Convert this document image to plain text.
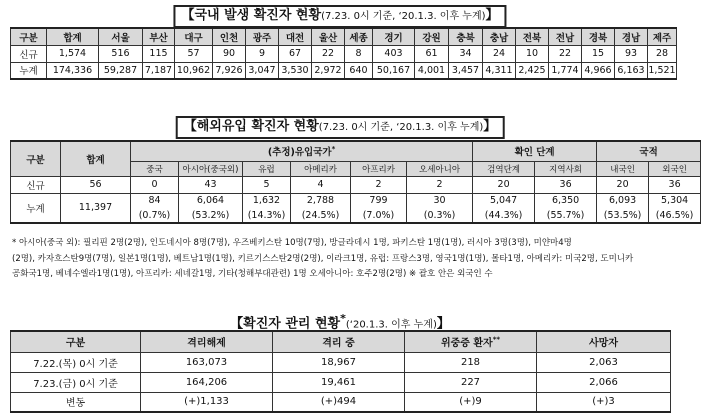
【국내 발생 확진자 현황(7.23. 0시 기준, ‘20.1.3. 이후 누계)】
구분	합계	서울	부산	대구	인천	광주	대전	울산	세종	경기	강원	충북	충남	전북	전남	경북	경남	제주
신규	1,574	516	115	57	90	9	67	22	8	403	61	34	24	10	22	15	93	28
누계	174,336	59,287	7,187	10,962	7,926	3,047	3,530	2,972	640	50,167	4,001	3,457	4,311	2,425	1,774	4,966	6,163	1,521
【해외유입 확진자 현황(7.23. 0시 기준, ‘20.1.3. 이후 누계)】
구분	합계	(추정)유입국가*						확인 단계		국적	
		중국	아시아(중국외)	유럽	아메리카	아프리카	오세아니아	검역단계	지역사회	내국인	외국인
신규	56	0	43	5	4	2	2	20	36	20	36
누계	11,397	84	6,064	1,632	2,788	799	30	5,047	6,350	6,093	5,304
		(0.7%)	(53.2%)	(14.3%)	(24.5%)	(7.0%)	(0.3%)	(44.3%)	(55.7%)	(53.5%)	(46.5%)

* 아시아(중국 외): 필리핀 2명(2명), 인도네시아 8명(7명), 우즈베키스탄 10명(7명), 방글라데시 1명, 파키스탄 1명(1명), 러시아 3명(3명), 미얀마4명

(2명), 카자흐스탄9명(7명), 일본1명(1명), 베트남1명(1명), 키르기스스탄2명(2명), 이라크1명, 유럽: 프랑스3명, 영국1명(1명), 몰타1명, 아메리카: 미국2명, 도미니카

공화국1명, 베네수엘라1명(1명), 아프리카: 세네갈1명, 기타(청해부대관련) 1명 오세아니아: 호주2명(2명) ※ 괄호 안은 외국인 수

【확진자 관리 현황*(‘20.1.3. 이후 누계)】
구분	격리해제	격리 중	위중증 환자**	사망자
7.22.(목) 0시 기준	163,073	18,967	218	2,063
7.23.(금) 0시 기준	164,206	19,461	227	2,066
변동	(+)1,133	(+)494	(+)9	(+)3
